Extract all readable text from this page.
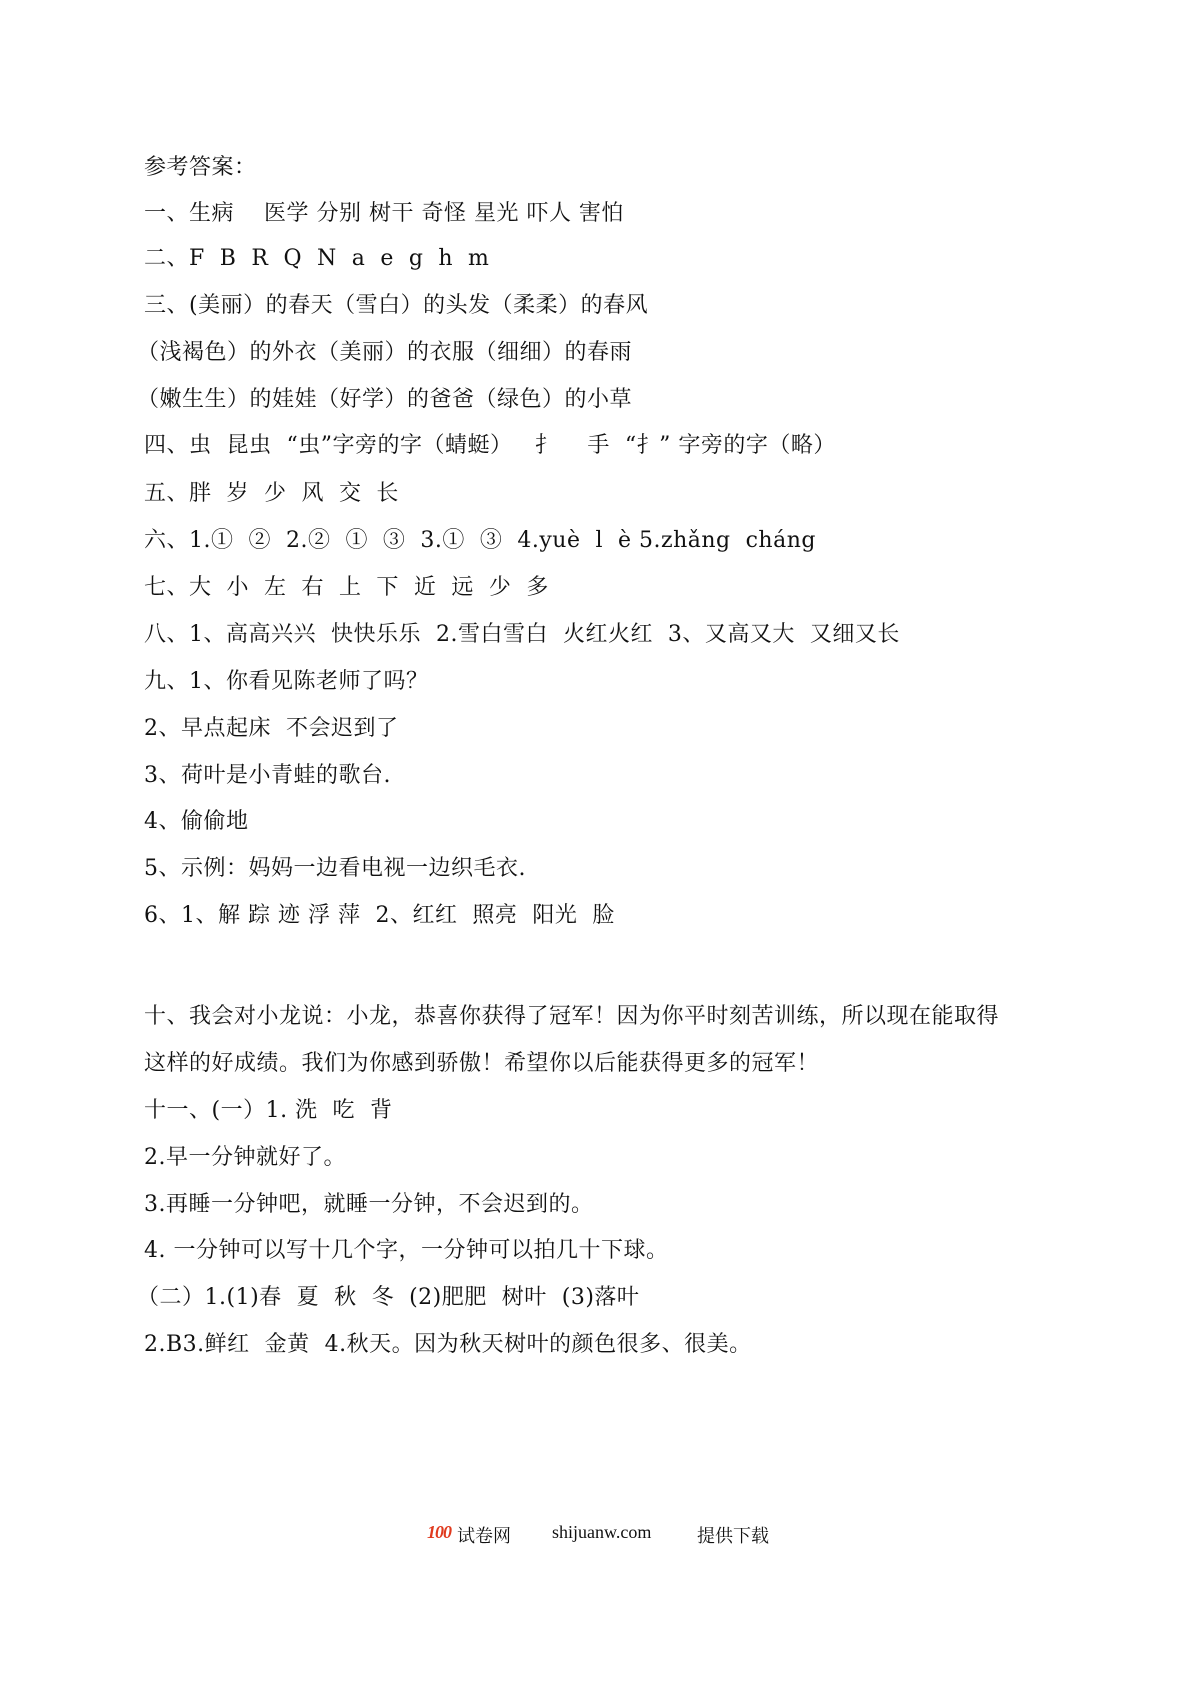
参考答案：
一、生病    医学 分别 树干 奇怪 星光 吓人 害怕
二、F  B  R  Q  N  a  e  g  h  m
三、(美丽）的春天（雪白）的头发（柔柔）的春风
（浅褐色）的外衣（美丽）的衣服（细细）的春雨
（嫩生生）的娃娃（好学）的爸爸（绿色）的小草
四、虫  昆虫  “虫”字旁的字（蜻蜓）   扌    手  “扌” 字旁的字（略）
五、胖  岁  少  风  交  长
六、1.①  ②  2.②  ①  ③  3.①  ③  4.yuè  l  è 5.zhǎng  cháng
七、大  小  左  右  上  下  近  远  少  多
八、1、高高兴兴  快快乐乐  2.雪白雪白  火红火红  3、又高又大  又细又长
九、1、你看见陈老师了吗？
2、早点起床  不会迟到了
3、荷叶是小青蛙的歌台.
4、偷偷地
5、示例：妈妈一边看电视一边织毛衣.
6、1、解 踪 迹 浮 萍  2、红红  照亮  阳光  脸
十、我会对小龙说：小龙，恭喜你获得了冠军！因为你平时刻苦训练，所以现在能取得
这样的好成绩。我们为你感到骄傲！希望你以后能获得更多的冠军！
十一、(一）1. 洗  吃  背
2.早一分钟就好了。
3.再睡一分钟吧，就睡一分钟，不会迟到的。
4. 一分钟可以写十几个字，一分钟可以拍几十下球。
（二）1.(1)春  夏  秋  冬  (2)肥肥  树叶  (3)落叶
2.B3.鲜红  金黄  4.秋天。因为秋天树叶的颜色很多、很美。
100 试卷网 shijuanw.com	提供下载
